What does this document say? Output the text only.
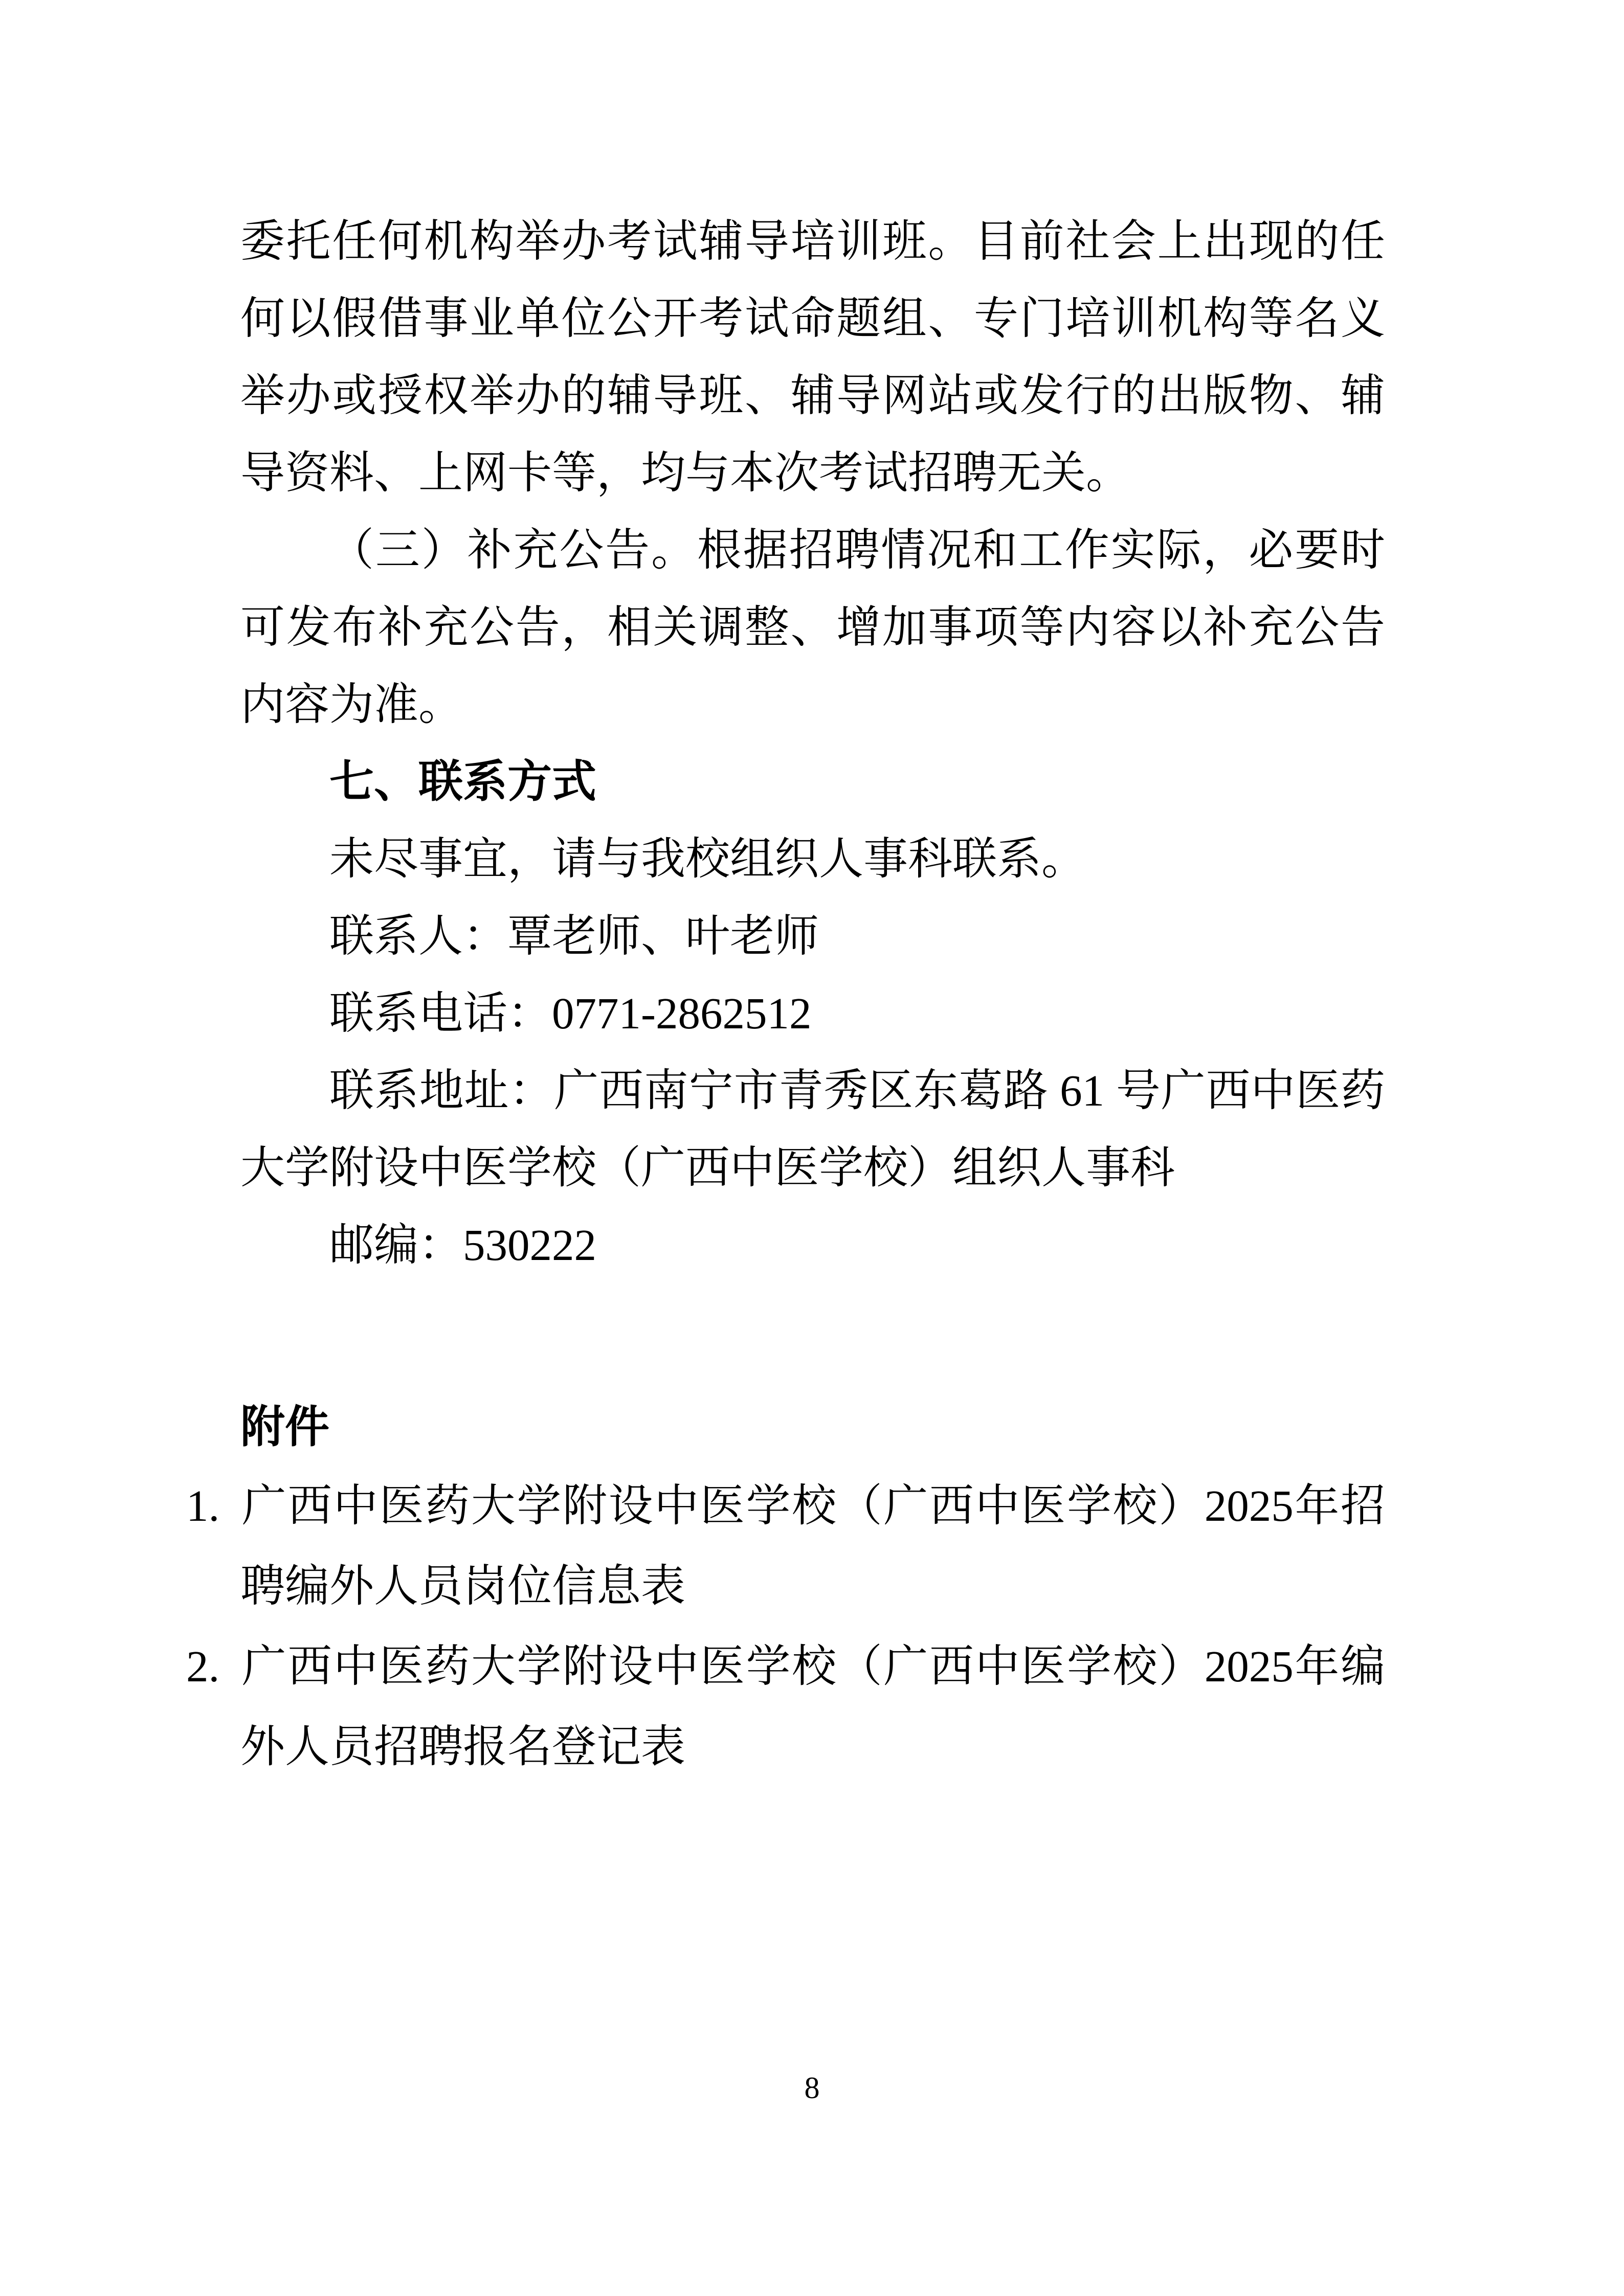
委托任何机构举办考试辅导培训班。目前社会上出现的任何以假借事业单位公开考试命题组、专门培训机构等名义举办或授权举办的辅导班、辅导网站或发行的出版物、辅导资料、上网卡等，均与本次考试招聘无关。

（三）补充公告。根据招聘情况和工作实际，必要时可发布补充公告，相关调整、增加事项等内容以补充公告内容为准。

七、联系方式

未尽事宜，请与我校组织人事科联系。

联系人：覃老师、叶老师

联系电话：0771-2862512

联系地址：广西南宁市青秀区东葛路 61 号广西中医药大学附设中医学校（广西中医学校）组织人事科

邮编：530222

附件

1. 广西中医药大学附设中医学校（广西中医学校）2025年招聘编外人员岗位信息表

2. 广西中医药大学附设中医学校（广西中医学校）2025年编外人员招聘报名登记表

8
